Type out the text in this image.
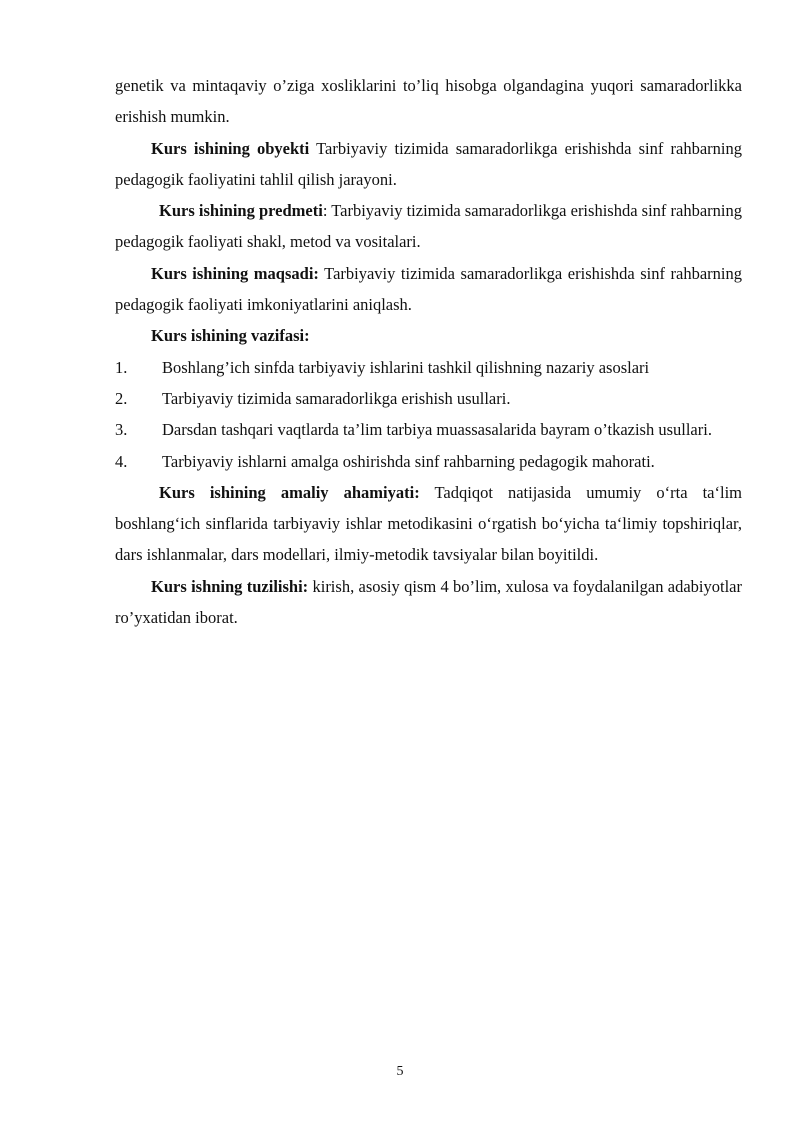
genetik va mintaqaviy o’ziga xosliklarini to’liq hisobga olgandagina yuqori samaradorlikka erishish mumkin.

Kurs ishining obyekti Tarbiyaviy tizimida samaradorlikga erishishda sinf rahbarning pedagogik faoliyatini tahlil qilish jarayoni.

Kurs ishining predmeti: Tarbiyaviy tizimida samaradorlikga erishishda sinf rahbarning pedagogik faoliyati shakl, metod va vositalari.

Kurs ishining maqsadi: Tarbiyaviy tizimida samaradorlikga erishishda sinf rahbarning pedagogik faoliyati imkoniyatlarini aniqlash.

Kurs ishining vazifasi:

1.	Boshlang’ich sinfda tarbiyaviy ishlarini tashkil qilishning nazariy asoslari
2.	Tarbiyaviy tizimida samaradorlikga erishish usullari.

3. Darsdan tashqari vaqtlarda ta’lim tarbiya muassasalarida bayram o’tkazish usullari.

4.	Tarbiyaviy ishlarni amalga oshirishda sinf rahbarning pedagogik mahorati.

Kurs ishining amaliy ahamiyati: Tadqiqot natijasida umumiy o‘rta ta‘lim boshlang‘ich sinflarida tarbiyaviy ishlar metodikasini o‘rgatish bo‘yicha ta‘limiy topshiriqlar, dars ishlanmalar, dars modellari, ilmiy-metodik tavsiyalar bilan boyitildi.

Kurs ishning tuzilishi: kirish, asosiy qism 4 bo’lim, xulosa va foydalanilgan adabiyotlar ro’yxatidan iborat.

5
